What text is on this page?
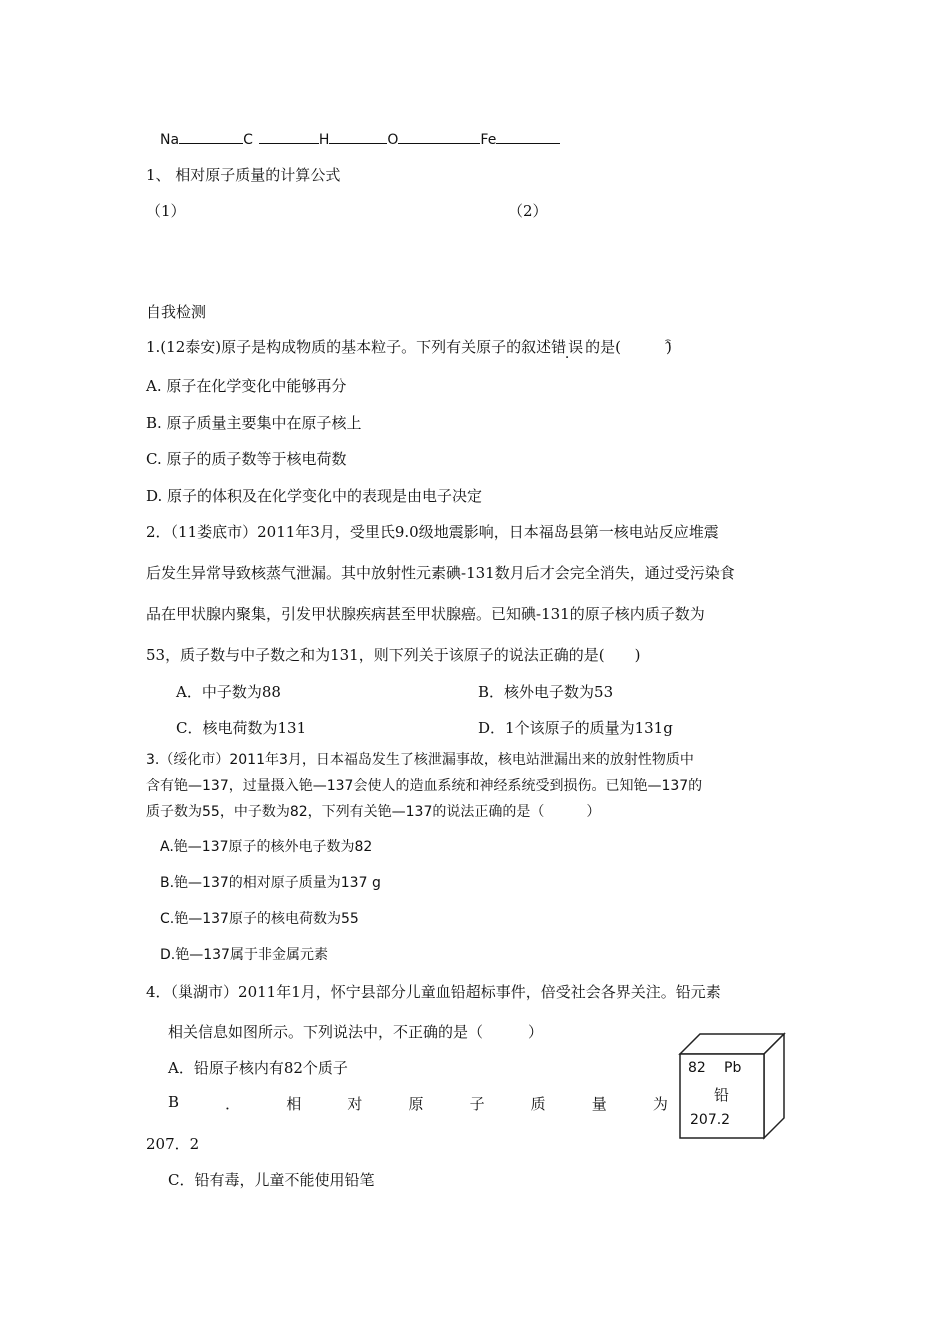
Na	C	H	O	Fe
1、 相对原子质量的计算公式
（1）	（2）
自我检测
1.(12泰安)原子是构成物质的基本粒子。下列有关原子的叙述错误的是(　　　)
A. 原子在化学变化中能够再分
B. 原子质量主要集中在原子核上
C. 原子的质子数等于核电荷数
D. 原子的体积及在化学变化中的表现是由电子决定
2．（11娄底市）2011年3月，受里氏9.0级地震影响，日本福岛县第一核电站反应堆震
后发生异常导致核蒸气泄漏。其中放射性元素碘-131数月后才会完全消失，通过受污染食
品在甲状腺内聚集，引发甲状腺疾病甚至甲状腺癌。已知碘-131的原子核内质子数为
53，质子数与中子数之和为131，则下列关于该原子的说法正确的是(　　)
A．中子数为88	B．核外电子数为53
C．核电荷数为131	D．1个该原子的质量为131g
3.（绥化市）2011年3月，日本福岛发生了核泄漏事故，核电站泄漏出来的放射性物质中
含有铯—137，过量摄入铯—137会使人的造血系统和神经系统受到损伤。已知铯—137的
质子数为55，中子数为82，下列有关铯—137的说法正确的是（　　　）
A.铯—137原子的核外电子数为82
B.铯—137的相对原子质量为137 g
C.铯—137原子的核电荷数为55
D.铯—137属于非金属元素
4．（巢湖市）2011年1月，怀宁县部分儿童血铅超标事件，倍受社会各界关注。铅元素
相关信息如图所示。下列说法中，不正确的是（　　　）
A．铅原子核内有82个质子
B	．	相	对	原	子	质	量	为
207．2
C．铅有毒，儿童不能使用铅笔
82 Pb
铅
207.2
